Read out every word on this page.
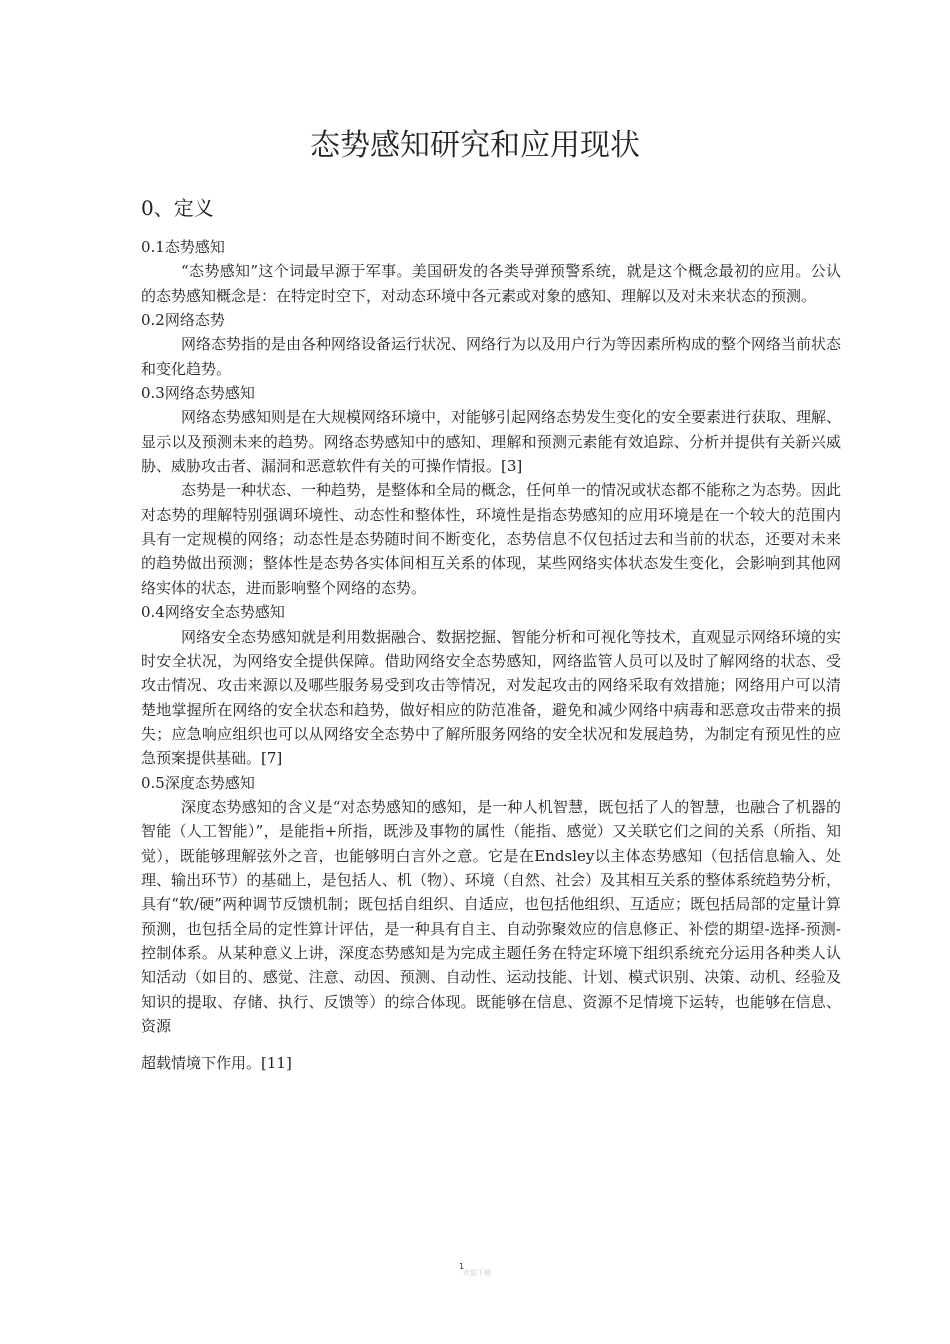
态势感知研究和应用现状
0、定义
0.1态势感知

“态势感知”这个词最早源于军事。美国研发的各类导弹预警系统，就是这个概念最初的应用。公认的态势感知概念是：在特定时空下，对动态环境中各元素或对象的感知、理解以及对未来状态的预测。

0.2网络态势

网络态势指的是由各种网络设备运行状况、网络行为以及用户行为等因素所构成的整个网络当前状态和变化趋势。

0.3网络态势感知

网络态势感知则是在大规模网络环境中，对能够引起网络态势发生变化的安全要素进行获取、理解、显示以及预测未来的趋势。网络态势感知中的感知、理解和预测元素能有效追踪、分析并提供有关新兴威胁、威胁攻击者、漏洞和恶意软件有关的可操作情报。[3]

态势是一种状态、一种趋势，是整体和全局的概念，任何单一的情况或状态都不能称之为态势。因此对态势的理解特别强调环境性、动态性和整体性，环境性是指态势感知的应用环境是在一个较大的范围内具有一定规模的网络；动态性是态势随时间不断变化，态势信息不仅包括过去和当前的状态，还要对未来的趋势做出预测；整体性是态势各实体间相互关系的体现，某些网络实体状态发生变化，会影响到其他网络实体的状态，进而影响整个网络的态势。

0.4网络安全态势感知

网络安全态势感知就是利用数据融合、数据挖掘、智能分析和可视化等技术，直观显示网络环境的实时安全状况，为网络安全提供保障。借助网络安全态势感知，网络监管人员可以及时了解网络的状态、受攻击情况、攻击来源以及哪些服务易受到攻击等情况，对发起攻击的网络采取有效措施；网络用户可以清楚地掌握所在网络的安全状态和趋势，做好相应的防范准备，避免和减少网络中病毒和恶意攻击带来的损失；应急响应组织也可以从网络安全态势中了解所服务网络的安全状况和发展趋势，为制定有预见性的应急预案提供基础。[7]

0.5深度态势感知

深度态势感知的含义是“对态势感知的感知，是一种人机智慧，既包括了人的智慧，也融合了机器的智能（人工智能）”，是能指+所指，既涉及事物的属性（能指、感觉）又关联它们之间的关系（所指、知觉），既能够理解弦外之音，也能够明白言外之意。它是在Endsley以主体态势感知（包括信息输入、处理、输出环节）的基础上，是包括人、机（物）、环境（自然、社会）及其相互关系的整体系统趋势分析，具有“软/硬”两种调节反馈机制；既包括自组织、自适应，也包括他组织、互适应；既包括局部的定量计算预测，也包括全局的定性算计评估，是一种具有自主、自动弥聚效应的信息修正、补偿的期望-选择-预测-控制体系。从某种意义上讲，深度态势感知是为完成主题任务在特定环境下组织系统充分运用各种类人认知活动（如目的、感觉、注意、动因、预测、自动性、运动技能、计划、模式识别、决策、动机、经验及知识的提取、存储、执行、反馈等）的综合体现。既能够在信息、资源不足情境下运转，也能够在信息、资源

超载情境下作用。[11]

1
欢迎下载
